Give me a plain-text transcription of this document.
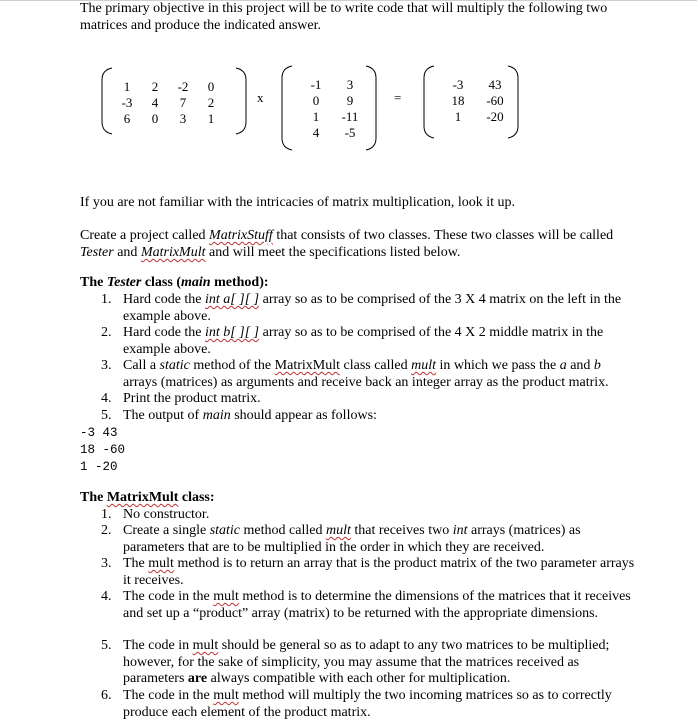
The primary objective in this project will be to write code that will multiply the following two matrices and produce the indicated answer.
1	2	-2	0
-3	4	7	2
6	0	3	1
x
-1	3
0	9
1	-11
4	-5
=
-3	43
18	-60
1	-20
If you are not familiar with the intricacies of matrix multiplication, look it up.
Create a project called MatrixStuff that consists of two classes. These two classes will be called Tester and MatrixMult and will meet the specifications listed below.
The Tester class (main method):
1. Hard code the int a[ ][ ] array so as to be comprised of the 3 X 4 matrix on the left in the example above.
2. Hard code the int b[ ][ ] array so as to be comprised of the 4 X 2 middle matrix in the example above.
3. Call a static method of the MatrixMult class called mult in which we pass the a and b arrays (matrices) as arguments and receive back an integer array as the product matrix.
4. Print the product matrix.
5. The output of main should appear as follows:
-3 43
18 -60
1 -20
The MatrixMult class:
1. No constructor.
2. Create a single static method called mult that receives two int arrays (matrices) as parameters that are to be multiplied in the order in which they are received.
3. The mult method is to return an array that is the product matrix of the two parameter arrays it receives.
4. The code in the mult method is to determine the dimensions of the matrices that it receives and set up a “product” array (matrix) to be returned with the appropriate dimensions.
5. The code in mult should be general so as to adapt to any two matrices to be multiplied; however, for the sake of simplicity, you may assume that the matrices received as parameters are always compatible with each other for multiplication.
6. The code in the mult method will multiply the two incoming matrices so as to correctly produce each element of the product matrix.
